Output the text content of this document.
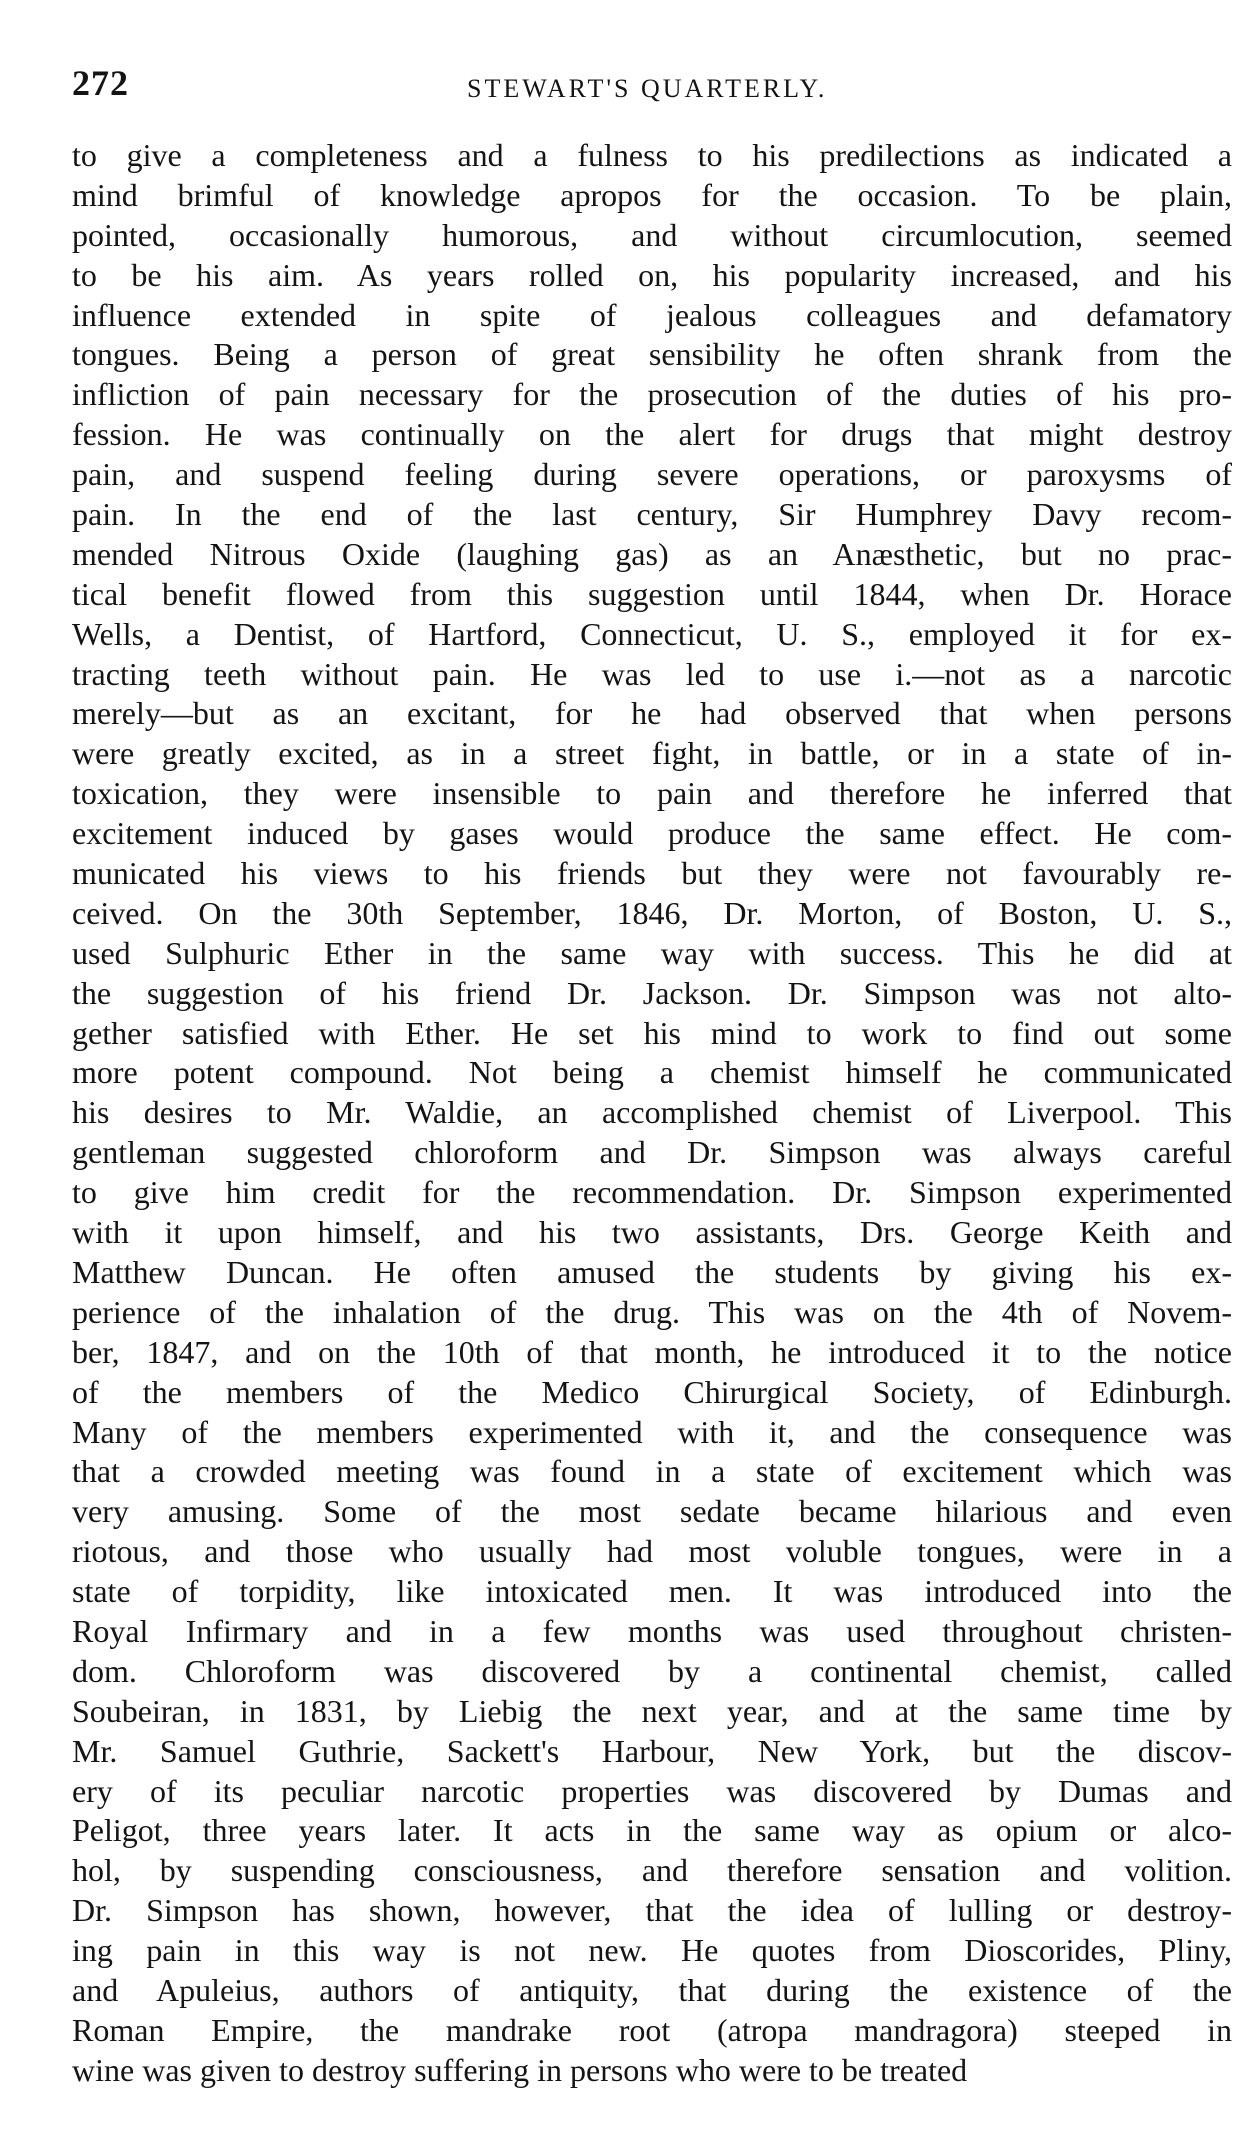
272	STEWART'S QUARTERLY.
to give a completeness and a fulness to his predilections as indicated a
mind brimful of knowledge apropos for the occasion. To be plain,
pointed, occasionally humorous, and without circumlocution, seemed
to be his aim. As years rolled on, his popularity increased, and his
influence extended in spite of jealous colleagues and defamatory
tongues. Being a person of great sensibility he often shrank from the
infliction of pain necessary for the prosecution of the duties of his pro-
fession. He was continually on the alert for drugs that might destroy
pain, and suspend feeling during severe operations, or paroxysms of
pain. In the end of the last century, Sir Humphrey Davy recom-
mended Nitrous Oxide (laughing gas) as an Anæsthetic, but no prac-
tical benefit flowed from this suggestion until 1844, when Dr. Horace
Wells, a Dentist, of Hartford, Connecticut, U. S., employed it for ex-
tracting teeth without pain. He was led to use i.—not as a narcotic
merely—but as an excitant, for he had observed that when persons
were greatly excited, as in a street fight, in battle, or in a state of in-
toxication, they were insensible to pain and therefore he inferred that
excitement induced by gases would produce the same effect. He com-
municated his views to his friends but they were not favourably re-
ceived. On the 30th September, 1846, Dr. Morton, of Boston, U. S.,
used Sulphuric Ether in the same way with success. This he did at
the suggestion of his friend Dr. Jackson. Dr. Simpson was not alto-
gether satisfied with Ether. He set his mind to work to find out some
more potent compound. Not being a chemist himself he communicated
his desires to Mr. Waldie, an accomplished chemist of Liverpool. This
gentleman suggested chloroform and Dr. Simpson was always careful
to give him credit for the recommendation. Dr. Simpson experimented
with it upon himself, and his two assistants, Drs. George Keith and
Matthew Duncan. He often amused the students by giving his ex-
perience of the inhalation of the drug. This was on the 4th of Novem-
ber, 1847, and on the 10th of that month, he introduced it to the notice
of the members of the Medico Chirurgical Society, of Edinburgh.
Many of the members experimented with it, and the consequence was
that a crowded meeting was found in a state of excitement which was
very amusing. Some of the most sedate became hilarious and even
riotous, and those who usually had most voluble tongues, were in a
state of torpidity, like intoxicated men. It was introduced into the
Royal Infirmary and in a few months was used throughout christen-
dom. Chloroform was discovered by a continental chemist, called
Soubeiran, in 1831, by Liebig the next year, and at the same time by
Mr. Samuel Guthrie, Sackett's Harbour, New York, but the discov-
ery of its peculiar narcotic properties was discovered by Dumas and
Peligot, three years later. It acts in the same way as opium or alco-
hol, by suspending consciousness, and therefore sensation and volition.
Dr. Simpson has shown, however, that the idea of lulling or destroy-
ing pain in this way is not new. He quotes from Dioscorides, Pliny,
and Apuleius, authors of antiquity, that during the existence of the
Roman Empire, the mandrake root (atropa mandragora) steeped in
wine was given to destroy suffering in persons who were to be treated
